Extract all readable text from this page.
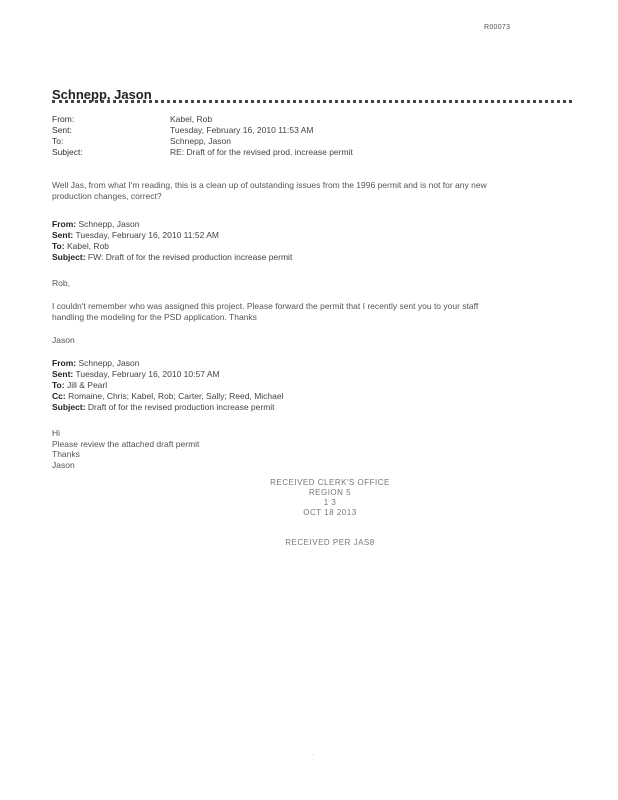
R00073
Schnepp, Jason
From:	Kabel, Rob
Sent:	Tuesday, February 16, 2010 11:53 AM
To:	Schnepp, Jason
Subject:	RE: Draft of for the revised prod. increase permit
Well Jas, from what I'm reading, this is a clean up of outstanding issues from the 1996 permit and is not for any new
production changes, correct?
From: Schnepp, Jason
Sent: Tuesday, February 16, 2010 11:52 AM
To: Kabel, Rob
Subject: FW: Draft of for the revised production increase permit
Rob,
I couldn't remember who was assigned this project. Please forward the permit that I recently sent you to your staff
handling the modeling for the PSD application. Thanks
Jason
From: Schnepp, Jason
Sent: Tuesday, February 16, 2010 10:57 AM
To: Jill & Pearl
Cc: Romaine, Chris; Kabel, Rob; Carter, Sally; Reed, Michael
Subject: Draft of for the revised production increase permit
Hi
Please review the attached draft permit
Thanks
Jason
RECEIVED CLERK'S OFFICE
REGION 5
1 3
OCT 18 2013
RECEIVED PER JAS8
·
